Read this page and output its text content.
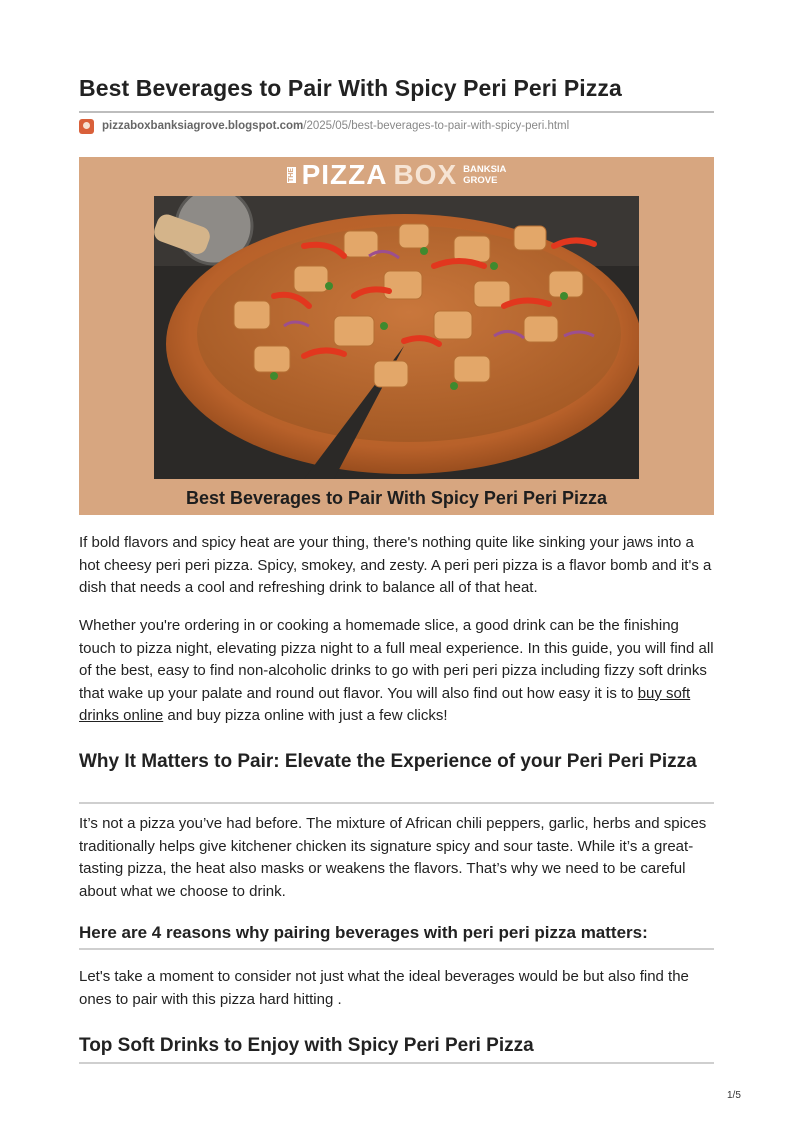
Best Beverages to Pair With Spicy Peri Peri Pizza
pizzaboxbanksiagrove.blogspot.com /2025/05/best-beverages-to-pair-with-spicy-peri.html
THE PIZZA BOX BANKSIA
GROVE
Best Beverages to Pair With Spicy Peri Peri Pizza

If bold flavors and spicy heat are your thing, there's nothing quite like sinking your jaws into a hot cheesy peri peri pizza. Spicy, smokey, and zesty. A peri peri pizza is a flavor bomb and it's a dish that needs a cool and refreshing drink to balance all of that heat.

Whether you're ordering in or cooking a homemade slice, a good drink can be the finishing touch to pizza night, elevating pizza night to a full meal experience. In this guide, you will find all of the best, easy to find non-alcoholic drinks to go with peri peri pizza including fizzy soft drinks that wake up your palate and round out flavor. You will also find out how easy it is to buy soft drinks online and buy pizza online with just a few clicks!

Why It Matters to Pair: Elevate the Experience of your Peri Peri Pizza

It’s not a pizza you’ve had before. The mixture of African chili peppers, garlic, herbs and spices traditionally helps give kitchener chicken its signature spicy and sour taste. While it’s a great-tasting pizza, the heat also masks or weakens the flavors. That’s why we need to be careful about what we choose to drink.

Here are 4 reasons why pairing beverages with peri peri pizza matters:

Let's take a moment to consider not just what the ideal beverages would be but also find the ones to pair with this pizza hard hitting .

Top Soft Drinks to Enjoy with Spicy Peri Peri Pizza
1/5
